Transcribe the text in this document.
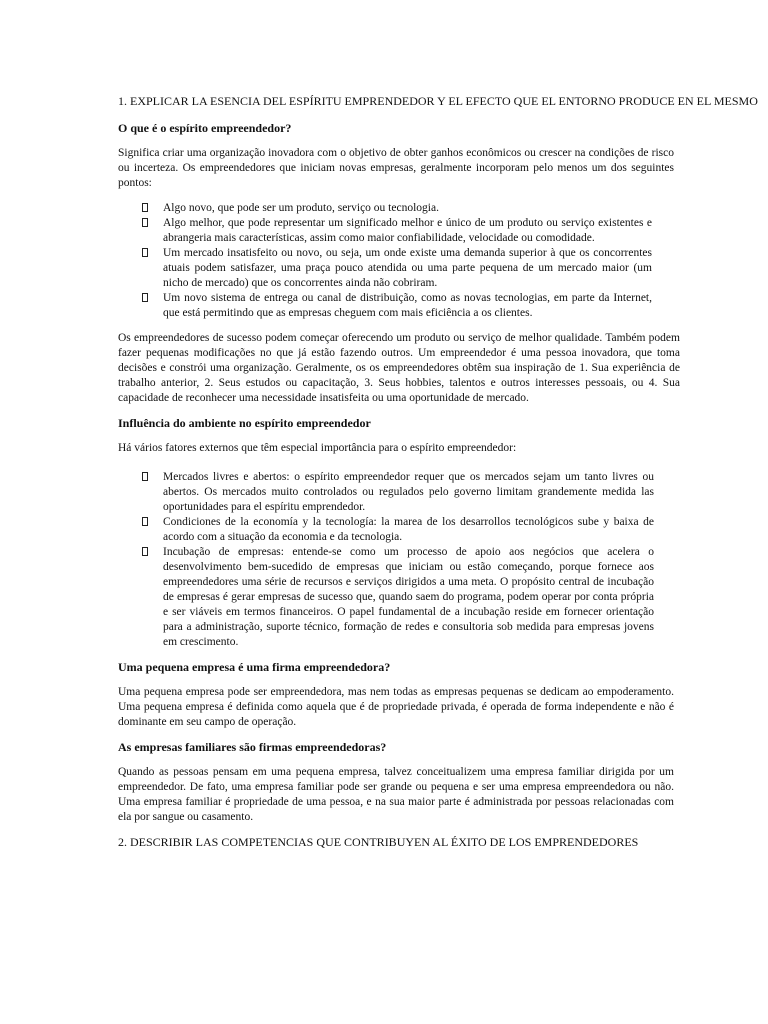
1. EXPLICAR LA ESENCIA DEL ESPÍRITU EMPRENDEDOR Y EL EFECTO QUE EL ENTORNO PRODUCE EN EL MESMO
O que é o espírito empreendedor?
Significa criar uma organização inovadora com o objetivo de obter ganhos econômicos ou crescer na condições de risco ou incerteza. Os empreendedores que iniciam novas empresas, geralmente incorporam pelo menos um dos seguintes pontos:
Algo novo, que pode ser um produto, serviço ou tecnologia.
Algo melhor, que pode representar um significado melhor e único de um produto ou serviço existentes e abrangeria mais características, assim como maior confiabilidade, velocidade ou comodidade.
Um mercado insatisfeito ou novo, ou seja, um onde existe uma demanda superior à que os concorrentes atuais podem satisfazer, uma praça pouco atendida ou uma parte pequena de um mercado maior (um nicho de mercado) que os concorrentes ainda não cobriram.
Um novo sistema de entrega ou canal de distribuição, como as novas tecnologias, em parte da Internet, que está permitindo que as empresas cheguem com mais eficiência a os clientes.
Os empreendedores de sucesso podem começar oferecendo um produto ou serviço de melhor qualidade. Também podem fazer pequenas modificações no que já estão fazendo outros. Um empreendedor é uma pessoa inovadora, que toma decisões e constrói uma organização. Geralmente, os os empreendedores obtêm sua inspiração de 1. Sua experiência de trabalho anterior, 2. Seus estudos ou capacitação, 3. Seus hobbies, talentos e outros interesses pessoais, ou 4. Sua capacidade de reconhecer uma necessidade insatisfeita ou uma oportunidade de mercado.
Influência do ambiente no espírito empreendedor
Há vários fatores externos que têm especial importância para o espírito empreendedor:
Mercados livres e abertos: o espírito empreendedor requer que os mercados sejam um tanto livres ou abertos. Os mercados muito controlados ou regulados pelo governo limitam grandemente medida las oportunidades para el espíritu emprendedor.
Condiciones de la economía y la tecnología: la marea de los desarrollos tecnológicos sube y baixa de acordo com a situação da economia e da tecnologia.
Incubação de empresas: entende-se como um processo de apoio aos negócios que acelera o desenvolvimento bem-sucedido de empresas que iniciam ou estão começando, porque fornece aos empreendedores uma série de recursos e serviços dirigidos a uma meta. O propósito central de incubação de empresas é gerar empresas de sucesso que, quando saem do programa, podem operar por conta própria e ser viáveis em termos financeiros. O papel fundamental de a incubação reside em fornecer orientação para a administração, suporte técnico, formação de redes e consultoria sob medida para empresas jovens em crescimento.
Uma pequena empresa é uma firma empreendedora?
Uma pequena empresa pode ser empreendedora, mas nem todas as empresas pequenas se dedicam ao empoderamento. Uma pequena empresa é definida como aquela que é de propriedade privada, é operada de forma independente e não é dominante em seu campo de operação.
As empresas familiares são firmas empreendedoras?
Quando as pessoas pensam em uma pequena empresa, talvez conceitualizem uma empresa familiar dirigida por um empreendedor. De fato, uma empresa familiar pode ser grande ou pequena e ser uma empresa empreendedora ou não. Uma empresa familiar é propriedade de uma pessoa, e na sua maior parte é administrada por pessoas relacionadas com ela por sangue ou casamento.
2. DESCRIBIR LAS COMPETENCIAS QUE CONTRIBUYEN AL ÉXITO DE LOS EMPRENDEDORES
